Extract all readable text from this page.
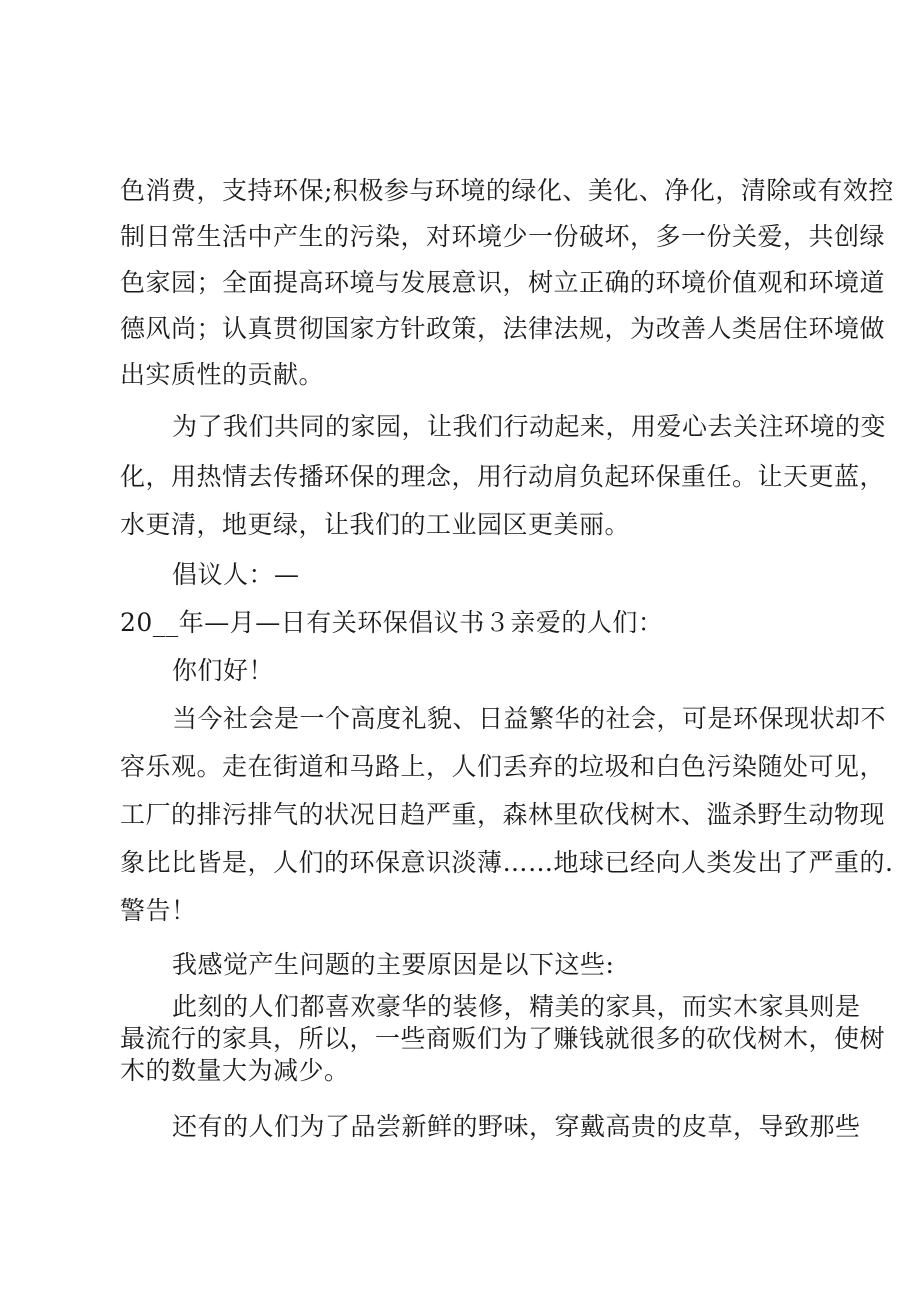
色消费，支持环保;积极参与环境的绿化、美化、净化，清除或有效控
制日常生活中产生的污染，对环境少一份破坏，多一份关爱，共创绿
色家园；全面提高环境与发展意识，树立正确的环境价值观和环境道
德风尚；认真贯彻国家方针政策，法律法规，为改善人类居住环境做
出实质性的贡献。
为了我们共同的家园，让我们行动起来，用爱心去关注环境的变
化，用热情去传播环保的理念，用行动肩负起环保重任。让天更蓝，
水更清，地更绿，让我们的工业园区更美丽。
倡议人：—
20__年—月—日有关环保倡议书３亲爱的人们：
你们好！
当今社会是一个高度礼貌、日益繁华的社会，可是环保现状却不
容乐观。走在街道和马路上，人们丢弃的垃圾和白色污染随处可见，
工厂的排污排气的状况日趋严重，森林里砍伐树木、滥杀野生动物现
象比比皆是，人们的环保意识淡薄……地球已经向人类发出了严重的.
警告！
我感觉产生问题的主要原因是以下这些:
此刻的人们都喜欢豪华的装修，精美的家具，而实木家具则是
最流行的家具，所以，一些商贩们为了赚钱就很多的砍伐树木，使树
木的数量大为减少。
还有的人们为了品尝新鲜的野味，穿戴高贵的皮草，导致那些
